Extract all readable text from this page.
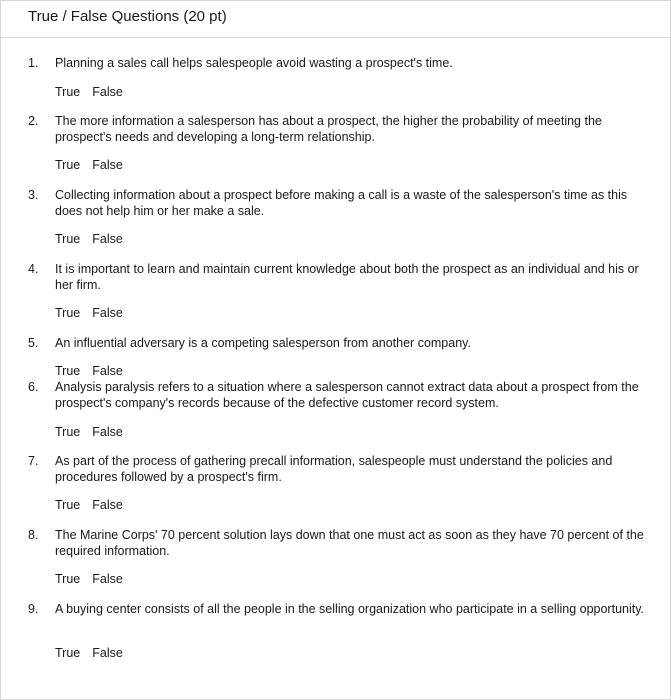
True / False Questions (20 pt)
1. Planning a sales call helps salespeople avoid wasting a prospect's time.
True False
2. The more information a salesperson has about a prospect, the higher the probability of meeting the prospect's needs and developing a long-term relationship.
True False
3. Collecting information about a prospect before making a call is a waste of the salesperson's time as this does not help him or her make a sale.
True False
4. It is important to learn and maintain current knowledge about both the prospect as an individual and his or her firm.
True False
5. An influential adversary is a competing salesperson from another company.
True False
6. Analysis paralysis refers to a situation where a salesperson cannot extract data about a prospect from the prospect's company's records because of the defective customer record system.
True False
7. As part of the process of gathering precall information, salespeople must understand the policies and procedures followed by a prospect's firm.
True False
8. The Marine Corps' 70 percent solution lays down that one must act as soon as they have 70 percent of the required information.
True False
9. A buying center consists of all the people in the selling organization who participate in a selling opportunity.
True False
